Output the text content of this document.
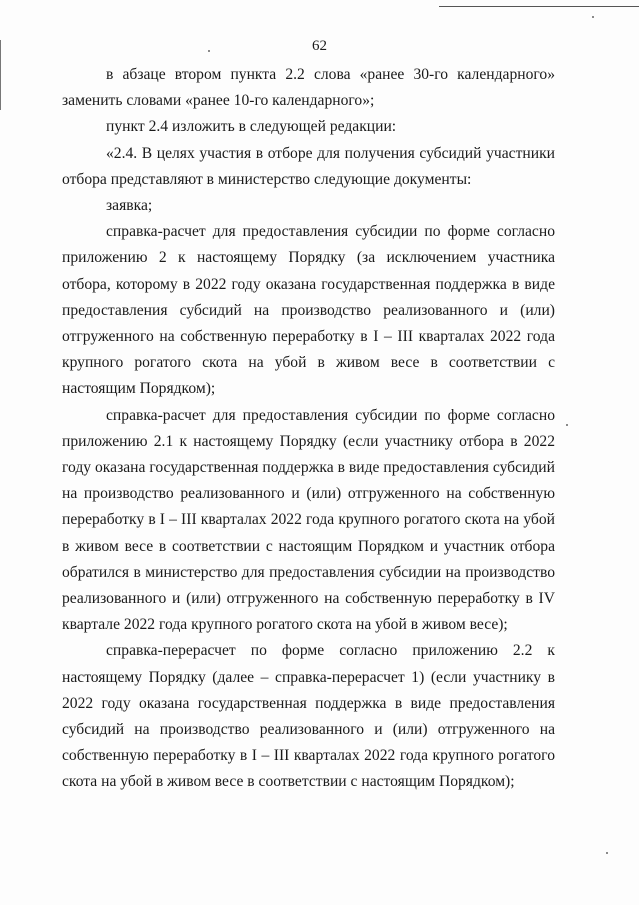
62

в абзаце втором пункта 2.2 слова «ранее 30-го календарного» заменить словами «ранее 10-го календарного»;

пункт 2.4 изложить в следующей редакции:

«2.4. В целях участия в отборе для получения субсидий участники отбора представляют в министерство следующие документы:

заявка;

справка-расчет для предоставления субсидии по форме согласно приложению 2 к настоящему Порядку (за исключением участника отбора, которому в 2022 году оказана государственная поддержка в виде предоставления субсидий на производство реализованного и (или) отгруженного на собственную переработку в I – III кварталах 2022 года крупного рогатого скота на убой в живом весе в соответствии с настоящим Порядком);

справка-расчет для предоставления субсидии по форме согласно приложению 2.1 к настоящему Порядку (если участнику отбора в 2022 году оказана государственная поддержка в виде предоставления субсидий на производство реализованного и (или) отгруженного на собственную переработку в I – III кварталах 2022 года крупного рогатого скота на убой в живом весе в соответствии с настоящим Порядком и участник отбора обратился в министерство для предоставления субсидии на производство реализованного и (или) отгруженного на собственную переработку в IV квартале 2022 года крупного рогатого скота на убой в живом весе);

справка-перерасчет по форме согласно приложению 2.2 к настоящему Порядку (далее – справка-перерасчет 1) (если участнику в 2022 году оказана государственная поддержка в виде предоставления субсидий на производство реализованного и (или) отгруженного на собственную переработку в I – III кварталах 2022 года крупного рогатого скота на убой в живом весе в соответствии с настоящим Порядком);
